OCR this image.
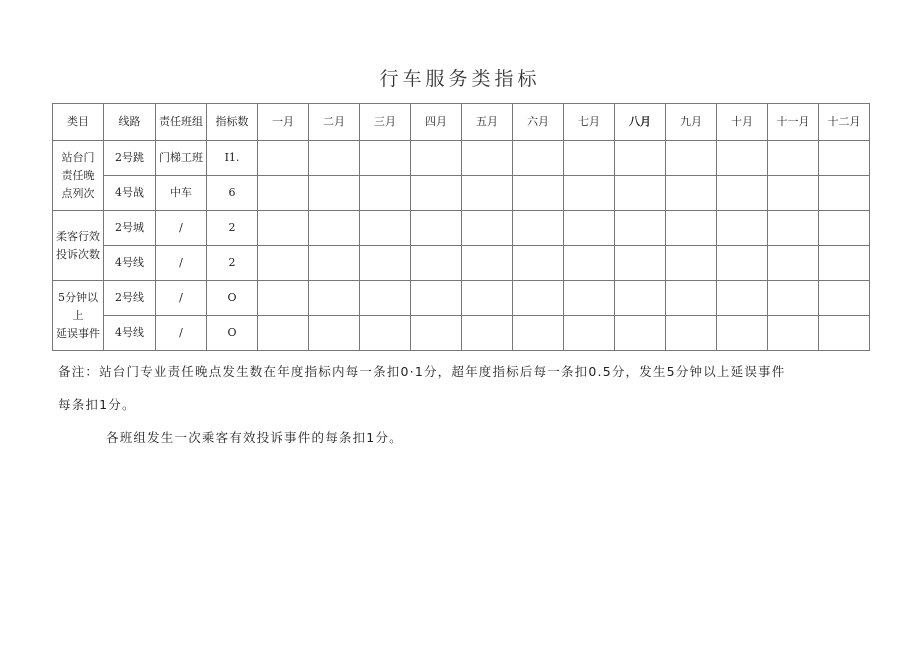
行车服务类指标
类目	线路	责任班组	指标数	一月	二月	三月	四月	五月	六月	七月	八月	九月	十月	十一月	十二月
站台门
责任晚
点列次	2号跳	门梯工班	I1.												
	4号战	中车	6												
柔客行效
投诉次数	2号城	/	2												
	4号线	/	2												
5分钟以上
延误事件	2号线	/	O												
	4号线	/	O												
备注：站台门专业责任晚点发生数在年度指标内每一条扣0·1分，超年度指标后每一条扣0.5分，发生5分钟以上延误事件
每条扣1分。
各班组发生一次乘客有效投诉事件的每条扣1分。
